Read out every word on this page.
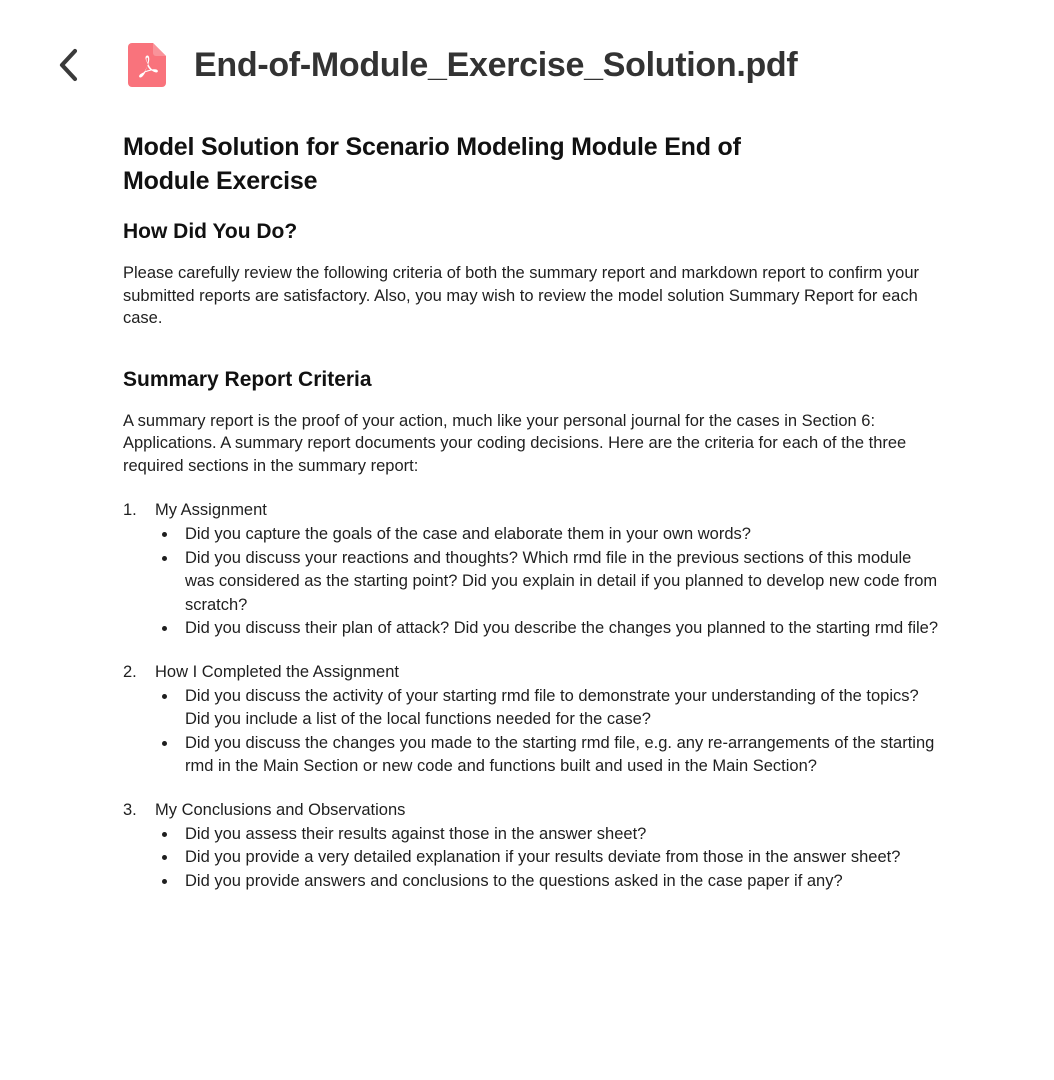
End-of-Module_Exercise_Solution.pdf
Model Solution for Scenario Modeling Module End of Module Exercise
How Did You Do?

Please carefully review the following criteria of both the summary report and markdown report to confirm your submitted reports are satisfactory. Also, you may wish to review the model solution Summary Report for each case.

Summary Report Criteria

A summary report is the proof of your action, much like your personal journal for the cases in Section 6: Applications. A summary report documents your coding decisions. Here are the criteria for each of the three required sections in the summary report:

1. My Assignment
Did you capture the goals of the case and elaborate them in your own words?
Did you discuss your reactions and thoughts? Which rmd file in the previous sections of this module was considered as the starting point? Did you explain in detail if you planned to develop new code from scratch?
Did you discuss their plan of attack? Did you describe the changes you planned to the starting rmd file?
2. How I Completed the Assignment
Did you discuss the activity of your starting rmd file to demonstrate your understanding of the topics? Did you include a list of the local functions needed for the case?
Did you discuss the changes you made to the starting rmd file, e.g. any re-arrangements of the starting rmd in the Main Section or new code and functions built and used in the Main Section?
3. My Conclusions and Observations
Did you assess their results against those in the answer sheet?
Did you provide a very detailed explanation if your results deviate from those in the answer sheet?
Did you provide answers and conclusions to the questions asked in the case paper if any?
